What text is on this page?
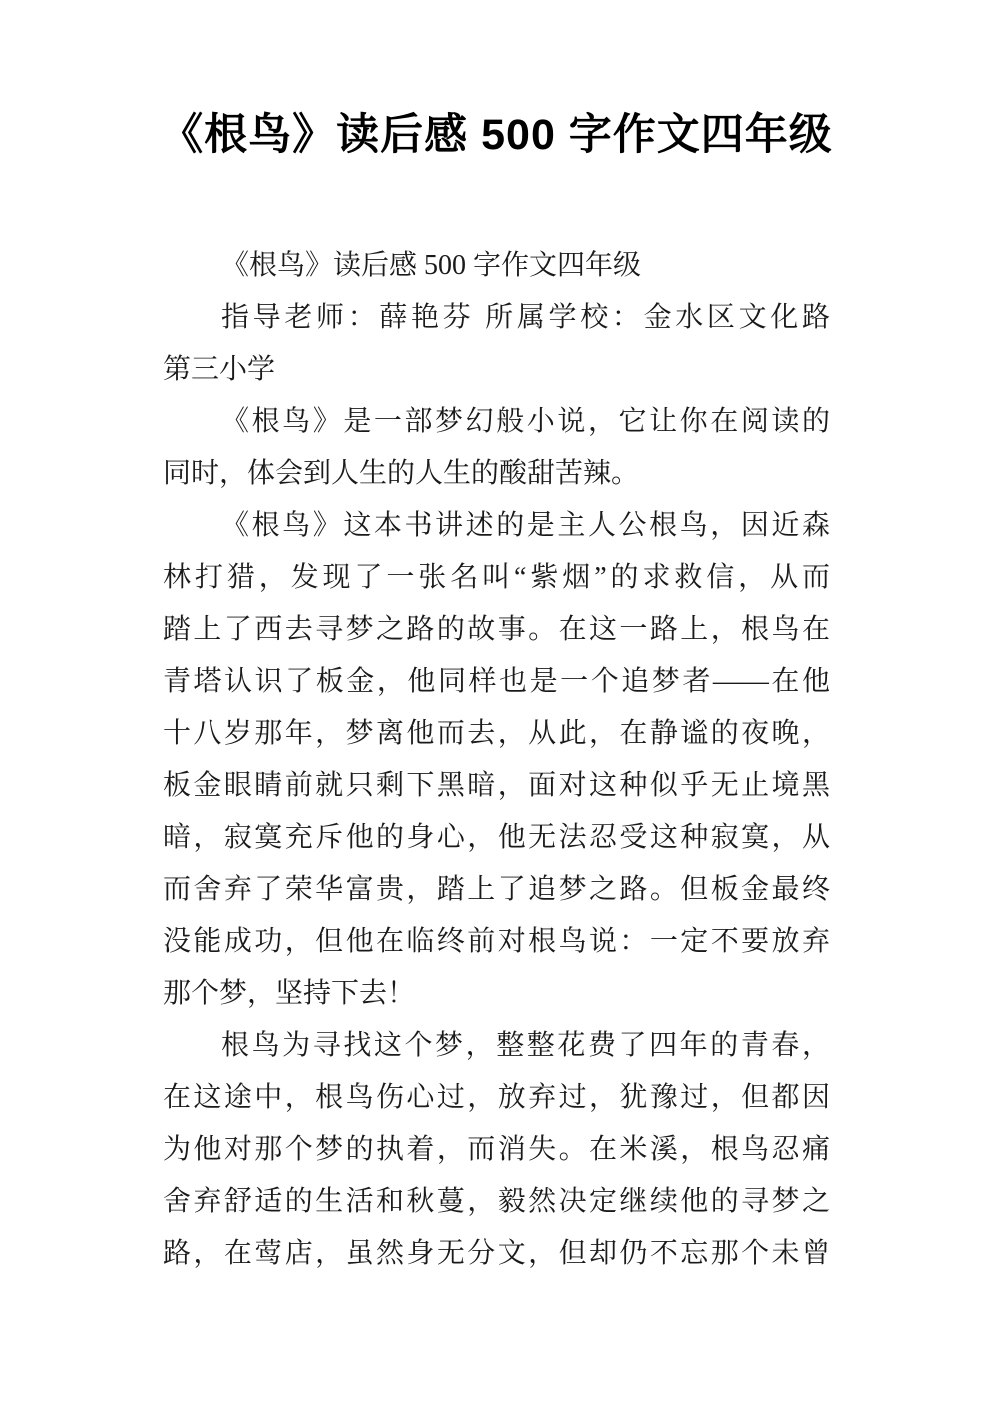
《根鸟》读后感 500 字作文四年级
《根鸟》读后感 500 字作文四年级
指导老师：薛艳芬 所属学校：金水区文化路
第三小学
《根鸟》是一部梦幻般小说，它让你在阅读的
同时，体会到人生的人生的酸甜苦辣。
《根鸟》这本书讲述的是主人公根鸟，因近森
林打猎，发现了一张名叫“紫烟”的求救信，从而
踏上了西去寻梦之路的故事。在这一路上，根鸟在
青塔认识了板金，他同样也是一个追梦者——在他
十八岁那年，梦离他而去，从此，在静谧的夜晚，
板金眼睛前就只剩下黑暗，面对这种似乎无止境黑
暗，寂寞充斥他的身心，他无法忍受这种寂寞，从
而舍弃了荣华富贵，踏上了追梦之路。但板金最终
没能成功，但他在临终前对根鸟说：一定不要放弃
那个梦，坚持下去！
根鸟为寻找这个梦，整整花费了四年的青春，
在这途中，根鸟伤心过，放弃过，犹豫过，但都因
为他对那个梦的执着，而消失。在米溪，根鸟忍痛
舍弃舒适的生活和秋蔓，毅然决定继续他的寻梦之
路，在莺店，虽然身无分文，但却仍不忘那个未曾
